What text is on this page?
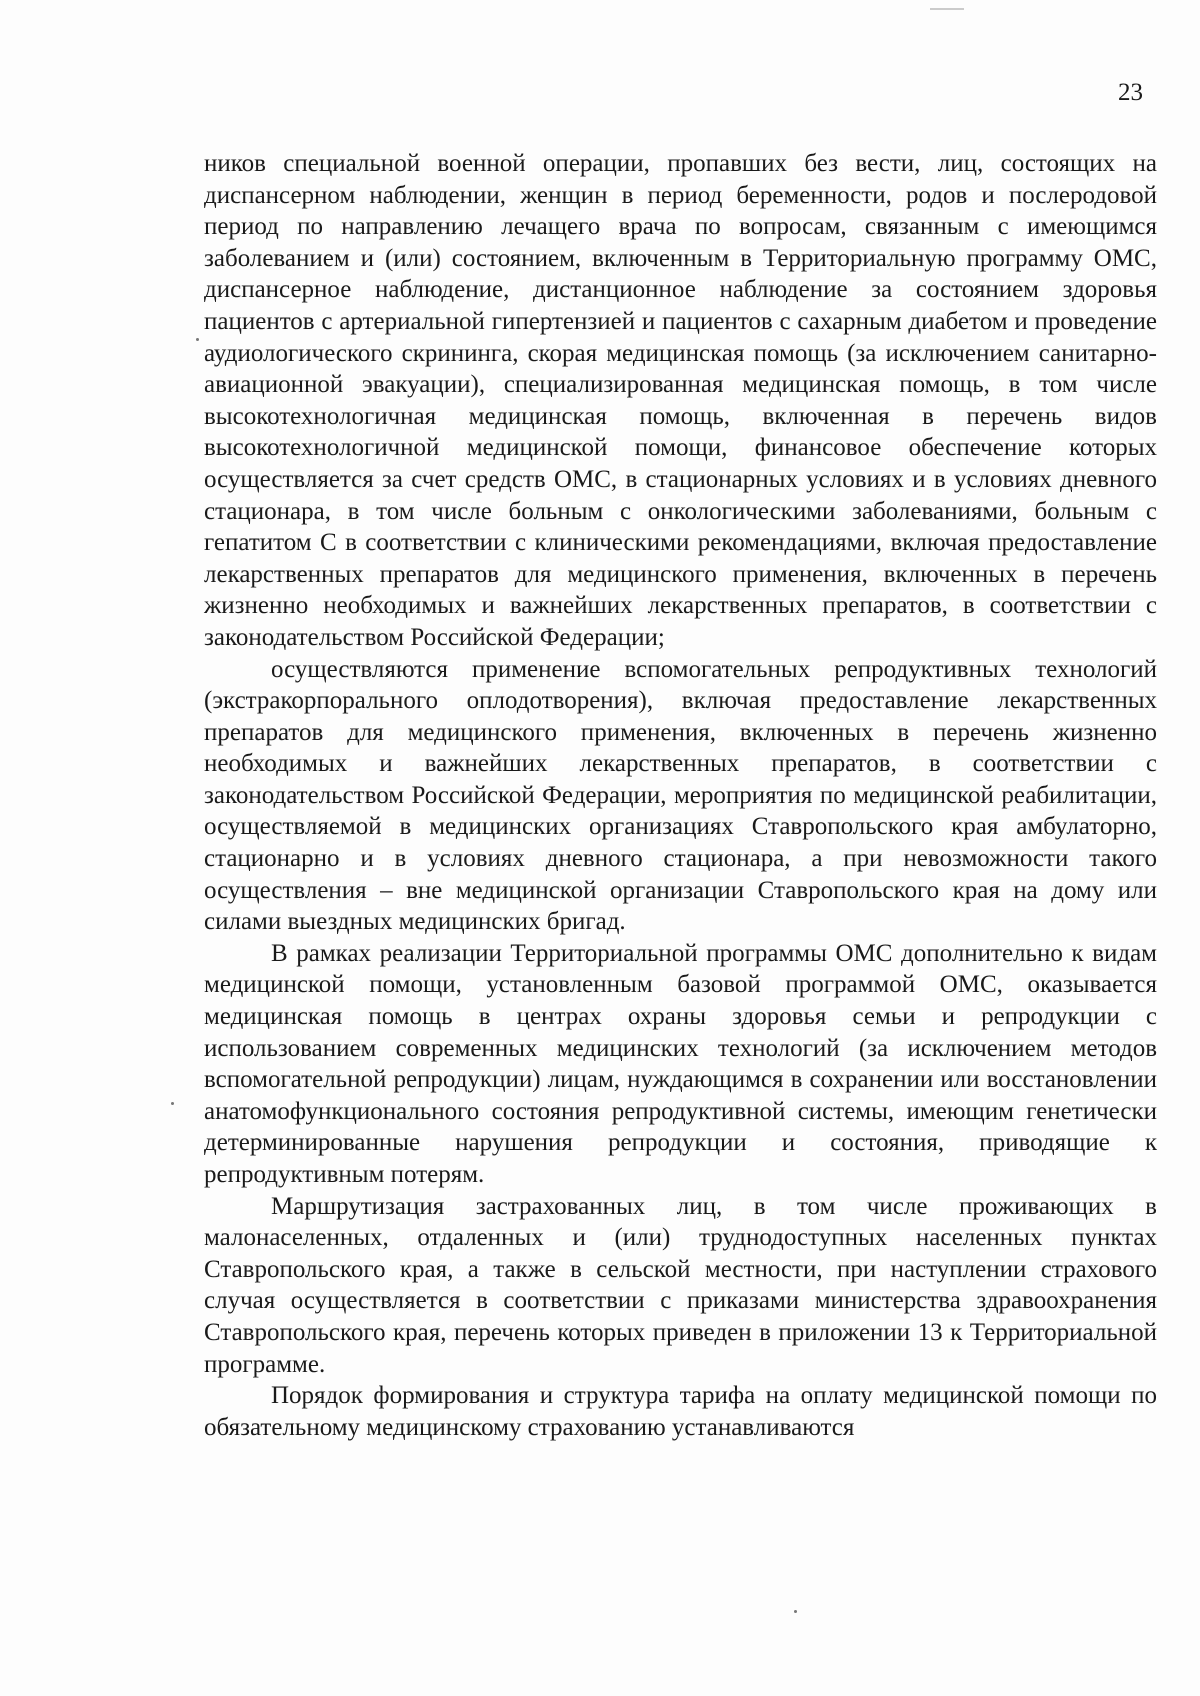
23

ников специальной военной операции, пропавших без вести, лиц, состоящих на диспансерном наблюдении, женщин в период беременности, родов и послеродовой период по направлению лечащего врача по вопросам, связанным с имеющимся заболеванием и (или) состоянием, включенным в Территориальную программу ОМС, диспансерное наблюдение, дистанционное наблюдение за состоянием здоровья пациентов с артериальной гипертензией и пациентов с сахарным диабетом и проведение аудиологического скрининга, скорая медицинская помощь (за исключением санитарно-авиационной эвакуации), специализированная медицинская помощь, в том числе высокотехнологичная медицинская помощь, включенная в перечень видов высокотехнологичной медицинской помощи, финансовое обеспечение которых осуществляется за счет средств ОМС, в стационарных условиях и в условиях дневного стационара, в том числе больным с онкологическими заболеваниями, больным с гепатитом С в соответствии с клиническими рекомендациями, включая предоставление лекарственных препаратов для медицинского применения, включенных в перечень жизненно необходимых и важнейших лекарственных препаратов, в соответствии с законодательством Российской Федерации;

осуществляются применение вспомогательных репродуктивных технологий (экстракорпорального оплодотворения), включая предоставление лекарственных препаратов для медицинского применения, включенных в перечень жизненно необходимых и важнейших лекарственных препаратов, в соответствии с законодательством Российской Федерации, мероприятия по медицинской реабилитации, осуществляемой в медицинских организациях Ставропольского края амбулаторно, стационарно и в условиях дневного стационара, а при невозможности такого осуществления – вне медицинской организации Ставропольского края на дому или силами выездных медицинских бригад.

В рамках реализации Территориальной программы ОМС дополнительно к видам медицинской помощи, установленным базовой программой ОМС, оказывается медицинская помощь в центрах охраны здоровья семьи и репродукции с использованием современных медицинских технологий (за исключением методов вспомогательной репродукции) лицам, нуждающимся в сохранении или восстановлении анатомофункционального состояния репродуктивной системы, имеющим генетически детерминированные нарушения репродукции и состояния, приводящие к репродуктивным потерям.

Маршрутизация застрахованных лиц, в том числе проживающих в малонаселенных, отдаленных и (или) труднодоступных населенных пунктах Ставропольского края, а также в сельской местности, при наступлении страхового случая осуществляется в соответствии с приказами министерства здравоохранения Ставропольского края, перечень которых приведен в приложении 13 к Территориальной программе.

Порядок формирования и структура тарифа на оплату медицинской помощи по обязательному медицинскому страхованию устанавливаются
